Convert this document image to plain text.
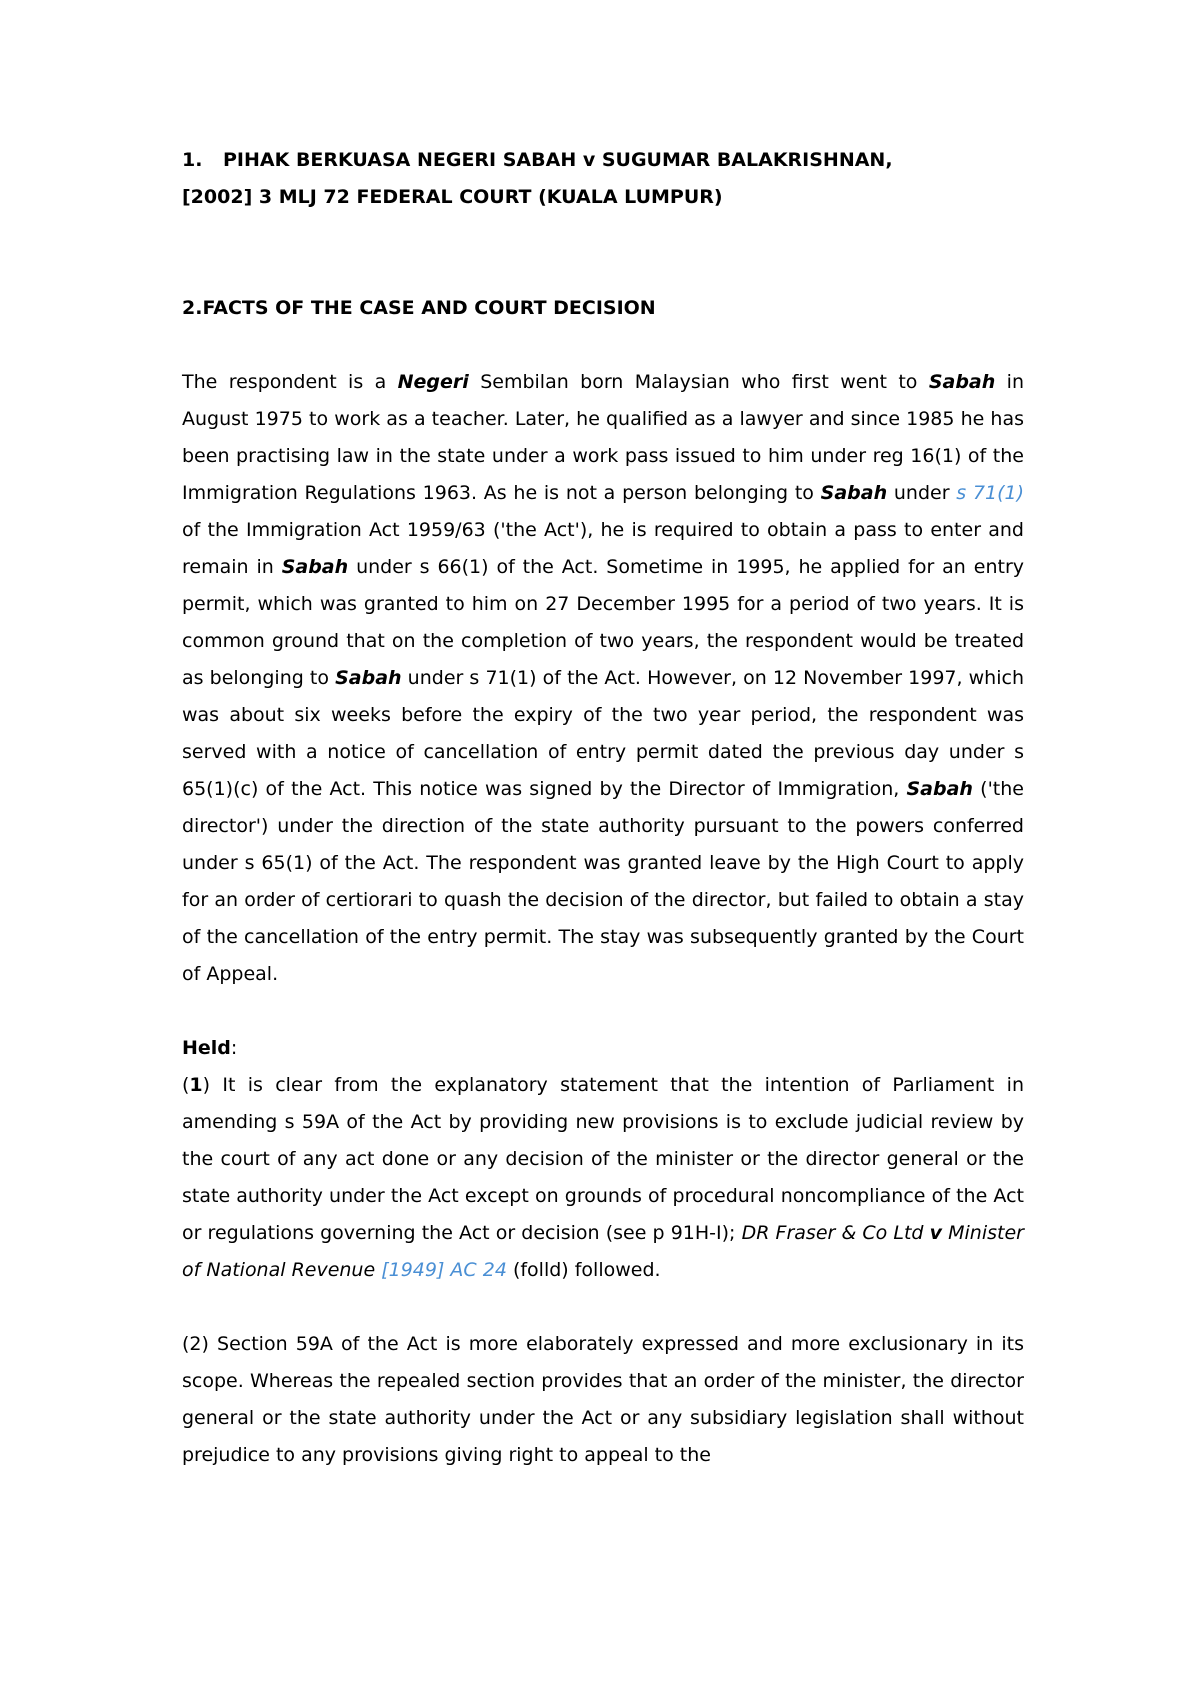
1. PIHAK BERKUASA NEGERI SABAH v SUGUMAR BALAKRISHNAN,
[2002] 3 MLJ 72 FEDERAL COURT (KUALA LUMPUR)
2.FACTS OF THE CASE AND COURT DECISION
The respondent is a Negeri Sembilan born Malaysian who first went to Sabah in August 1975 to work as a teacher. Later, he qualified as a lawyer and since 1985 he has been practising law in the state under a work pass issued to him under reg 16(1) of the Immigration Regulations 1963. As he is not a person belonging to Sabah under s 71(1) of the Immigration Act 1959/63 ('the Act'), he is required to obtain a pass to enter and remain in Sabah under s 66(1) of the Act. Sometime in 1995, he applied for an entry permit, which was granted to him on 27 December 1995 for a period of two years. It is common ground that on the completion of two years, the respondent would be treated as belonging to Sabah under s 71(1) of the Act. However, on 12 November 1997, which was about six weeks before the expiry of the two year period, the respondent was served with a notice of cancellation of entry permit dated the previous day under s 65(1)(c) of the Act. This notice was signed by the Director of Immigration, Sabah ('the director') under the direction of the state authority pursuant to the powers conferred under s 65(1) of the Act. The respondent was granted leave by the High Court to apply for an order of certiorari to quash the decision of the director, but failed to obtain a stay of the cancellation of the entry permit. The stay was subsequently granted by the Court of Appeal.
Held:
(1) It is clear from the explanatory statement that the intention of Parliament in amending s 59A of the Act by providing new provisions is to exclude judicial review by the court of any act done or any decision of the minister or the director general or the state authority under the Act except on grounds of procedural noncompliance of the Act or regulations governing the Act or decision (see p 91H-I); DR Fraser & Co Ltd v Minister of National Revenue [1949] AC 24 (folld) followed.
(2) Section 59A of the Act is more elaborately expressed and more exclusionary in its scope. Whereas the repealed section provides that an order of the minister, the director general or the state authority under the Act or any subsidiary legislation shall without prejudice to any provisions giving right to appeal to the
